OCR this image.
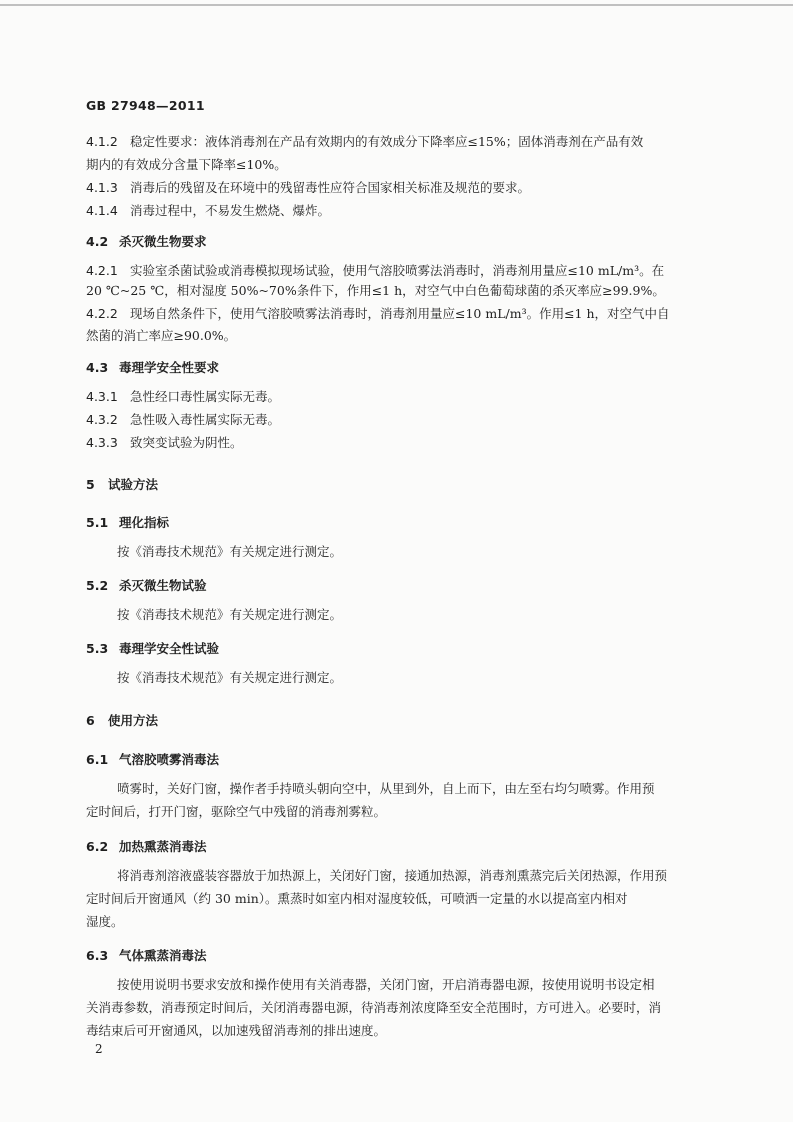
GB 27948—2011
4.1.2 稳定性要求：液体消毒剂在产品有效期内的有效成分下降率应≤15%；固体消毒剂在产品有效
期内的有效成分含量下降率≤10%。
4.1.3 消毒后的残留及在环境中的残留毒性应符合国家相关标准及规范的要求。
4.1.4 消毒过程中，不易发生燃烧、爆炸。
4.2 杀灭微生物要求
4.2.1 实验室杀菌试验或消毒模拟现场试验，使用气溶胶喷雾法消毒时，消毒剂用量应≤10 mL/m³。在
20 ℃~25 ℃，相对湿度 50%~70%条件下，作用≤1 h，对空气中白色葡萄球菌的杀灭率应≥99.9%。
4.2.2 现场自然条件下，使用气溶胶喷雾法消毒时，消毒剂用量应≤10 mL/m³。作用≤1 h，对空气中自
然菌的消亡率应≥90.0%。
4.3 毒理学安全性要求
4.3.1 急性经口毒性属实际无毒。
4.3.2 急性吸入毒性属实际无毒。
4.3.3 致突变试验为阴性。
5 试验方法
5.1 理化指标
按《消毒技术规范》有关规定进行测定。
5.2 杀灭微生物试验
按《消毒技术规范》有关规定进行测定。
5.3 毒理学安全性试验
按《消毒技术规范》有关规定进行测定。
6 使用方法
6.1 气溶胶喷雾消毒法
喷雾时，关好门窗，操作者手持喷头朝向空中，从里到外，自上而下，由左至右均匀喷雾。作用预
定时间后，打开门窗，驱除空气中残留的消毒剂雾粒。
6.2 加热熏蒸消毒法
将消毒剂溶液盛装容器放于加热源上，关闭好门窗，接通加热源，消毒剂熏蒸完后关闭热源，作用预
定时间后开窗通风（约 30 min）。熏蒸时如室内相对湿度较低，可喷洒一定量的水以提高室内相对
湿度。
6.3 气体熏蒸消毒法
按使用说明书要求安放和操作使用有关消毒器，关闭门窗，开启消毒器电源，按使用说明书设定相
关消毒参数，消毒预定时间后，关闭消毒器电源，待消毒剂浓度降至安全范围时，方可进入。必要时，消
毒结束后可开窗通风，以加速残留消毒剂的排出速度。
2
